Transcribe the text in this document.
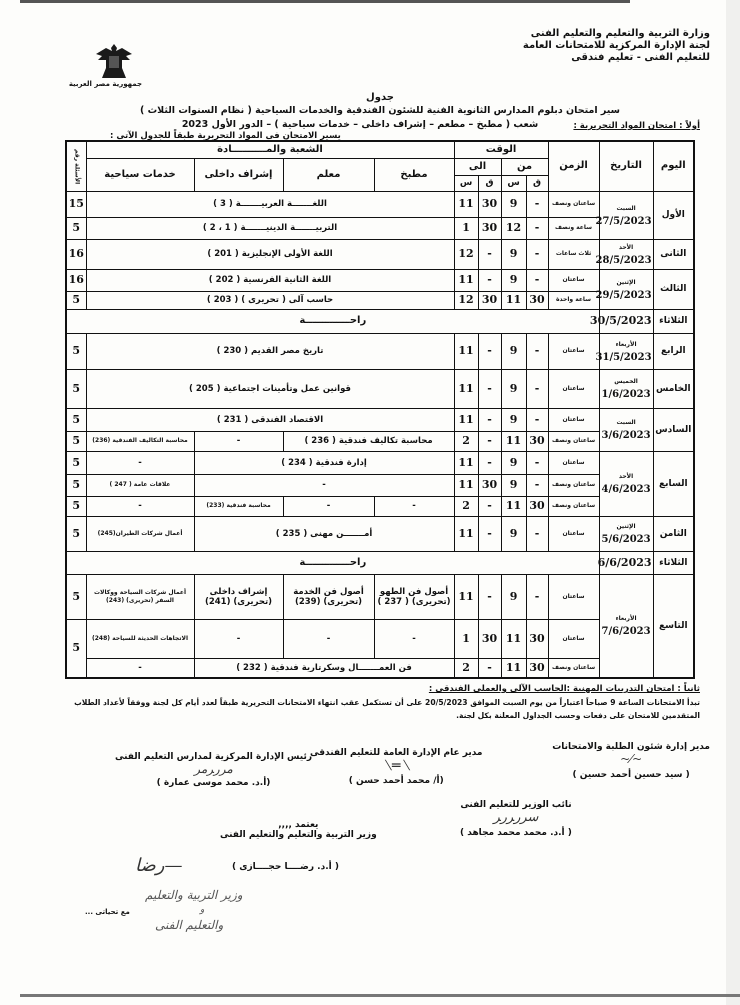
وزارة التربية والتعليم والتعليم الفنى
لجنة الإدارة المركزية للامتحانات العامة
للتعليم الفنى - تعليم فندقى
جمهورية مصر العربية
جدول
سير امتحان دبلوم المدارس الثانوية الفنية للشئون الفندقية والخدمات السياحية ( نظام السنوات الثلاث )
شعب ( مطبخ – مطعم – إشراف داخلى – خدمات سياحية ) – الدور الأول 2023	أولاً : امتحان المواد التحريرية :
يسير الامتحان فى المواد التحريرية طبقاً للجدول الآتى :
اليوم	التاريخ	الزمن	الوقت				الشعبة والمــــــــــادة				الأسئلة رقم
			من		الى		مطبخ	معلم	إشراف داخلى	خدمات سياحية	
			ق	س	ق	س					
الأول	السبت
27/5/2023	ساعتان ونصف	-	9	30	11	اللغـــــــة العربيـــــــة ( 3 )				15
		ساعة ونصف	-	12	30	1	التربيـــــــة الدينيـــــــة ( 1 ، 2 )				5
الثانى	الأحد
28/5/2023	ثلاث ساعات	-	9	-	12	اللغة الأولى الإنجليزية ( 201 )				16
الثالث	الإثنين
29/5/2023	ساعتان	-	9	-	11	اللغة الثانية الفرنسية ( 202 )				16
		ساعة واحدة	30	11	30	12	حاسب آلى ( تحريرى ) ( 203 )				5
الثلاثاء	30/5/2023	راحـــــــــــــة									
الرابع	الأربعاء
31/5/2023	ساعتان	-	9	-	11	تاريخ مصر القديم ( 230 )				5
الخامس	الخميس
1/6/2023	ساعتان	-	9	-	11	قوانين عمل وتأمينات اجتماعية ( 205 )				5
السادس	السبت
3/6/2023	ساعتان	-	9	-	11	الاقتصاد الفندقى ( 231 )				5
		ساعتان ونصف	30	11	-	2	محاسبة تكاليف فندقية ( 236 )		-	محاسبة التكاليف الفندقية (236)	5
السابع	الأحد
4/6/2023	ساعتان	-	9	-	11	إدارة فندقية ( 234 )			-	5
		ساعتان ونصف	-	9	30	11	-			علاقات عامة ( 247 )	5
		ساعتان ونصف	30	11	-	2	-	-	محاسبة فندقية (233)	-	5
الثامن	الإثنين
5/6/2023	ساعتان	-	9	-	11	أمـــــــن مهنى ( 235 )			أعمال شركات الطيران(245)	5
الثلاثاء	6/6/2023	راحـــــــــــــة									
التاسع	الأربعاء
7/6/2023	ساعتان	-	9	-	11	أصول فن الطهو (تحريرى) ( 237 )	أصول فن الخدمة (تحريرى) (239)	إشراف داخلى (تحريرى) (241)	أعمال شركات السياحة ووكالات السفر (تحريرى) (243)	5
		ساعتان	30	11	30	1	-	-	-	الاتجاهات الحديثة للسياحة (248)	5
		ساعتان ونصف	30	11	-	2	فن العمـــــــال وسكرتارية فندقية ( 232 )			-	
ثانياً : امتحان التدريبات المهنية :الحاسب الآلى والعملى الفندقى :
تبدأ الامتحانات الساعة 9 صباحاً اعتباراً من يوم السبت الموافق 20/5/2023 على أن تستكمل عقب انتهاء الامتحانات التحريرية طبقاً لعدد أيام كل لجنة ووفقاً لأعداد الطلاب
المتقدمين للامتحان على دفعات وحسب الجداول المعلنة بكل لجنة.
مدير إدارة شئون الطلبة والامتحانات
~⁄~
( سيد حسين أحمد حسين )
مدير عام الإدارة العامة للتعليم الفندقى
⟋═⟋
(أ/ محمد أحمد حسن )
رئيس الإدارة المركزية لمدارس التعليم الفنى
ﻣﺮﺭﺮﻣﺮ
(أ.د. محمد موسى عمارة )
نائب الوزير للتعليم الفنى
ﺳﺮﺭﺮﺭﺮ
( أ.د. محمد محمد مجاهد )
يعتمد ,,,,
وزير التربية والتعليم والتعليم الفنى
( أ.د. رضــــا حجــــازى )
—ﺭﺿﺎ
وزير التربية والتعليم
و
والتعليم الفنى
مع تحياتى ...
